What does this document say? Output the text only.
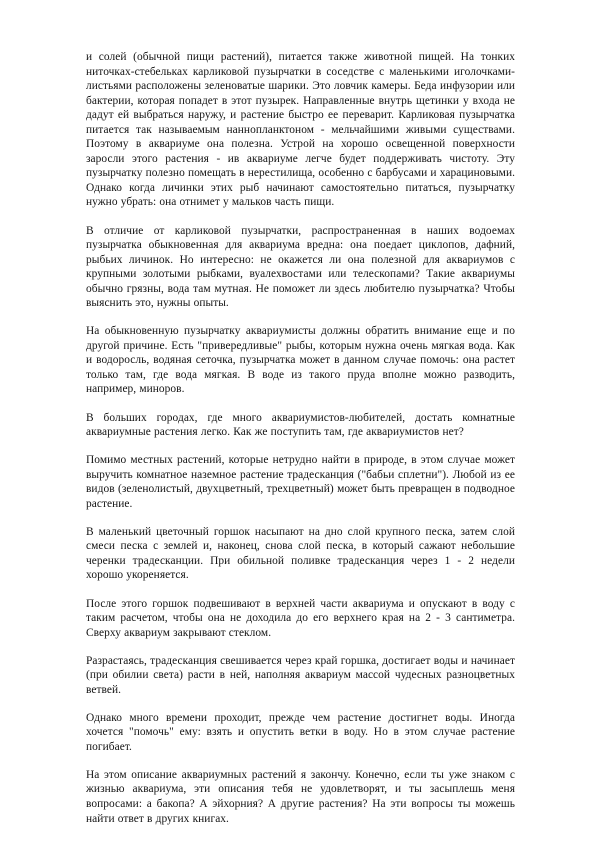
и солей (обычной пищи растений), питается также животной пищей. На тонких ниточках-стебельках карликовой пузырчатки в соседстве с маленькими иголочками-листьями расположены зеленоватые шарики. Это ловчик камеры. Беда инфузории или бактерии, которая попадет в этот пузырек. Направленные внутрь щетинки у входа не дадут ей выбраться наружу, и растение быстро ее переварит. Карликовая пузырчатка питается так называемым наннопланктоном - мельчайшими живыми существами. Поэтому в аквариуме она полезна. Устрой на хорошо освещенной поверхности заросли этого растения - ив аквариуме легче будет поддерживать чистоту. Эту пузырчатку полезно помещать в нерестилища, особенно с барбусами и харациновыми. Однако когда личинки этих рыб начинают самостоятельно питаться, пузырчатку нужно убрать: она отнимет у мальков часть пищи.

В отличие от карликовой пузырчатки, распространенная в наших водоемах пузырчатка обыкновенная для аквариума вредна: она поедает циклопов, дафний, рыбьих личинок. Но интересно: не окажется ли она полезной для аквариумов с крупными золотыми рыбками, вуалехвостами или телескопами? Такие аквариумы обычно грязны, вода там мутная. Не поможет ли здесь любителю пузырчатка? Чтобы выяснить это, нужны опыты.

На обыкновенную пузырчатку аквариумисты должны обратить внимание еще и по другой причине. Есть "привередливые" рыбы, которым нужна очень мягкая вода. Как и водоросль, водяная сеточка, пузырчатка может в данном случае помочь: она растет только там, где вода мягкая. В воде из такого пруда вполне можно разводить, например, миноров.

В больших городах, где много аквариумистов-любителей, достать комнатные аквариумные растения легко. Как же поступить там, где аквариумистов нет?

Помимо местных растений, которые нетрудно найти в природе, в этом случае может выручить комнатное наземное растение традесканция ("бабьи сплетни"). Любой из ее видов (зеленолистый, двухцветный, трехцветный) может быть превращен в подводное растение.

В маленький цветочный горшок насыпают на дно слой крупного песка, затем слой смеси песка с землей и, наконец, снова слой песка, в который сажают небольшие черенки традесканции. При обильной поливке традесканция через 1 - 2 недели хорошо укореняется.

После этого горшок подвешивают в верхней части аквариума и опускают в воду с таким расчетом, чтобы она не доходила до его верхнего края на 2 - 3 сантиметра. Сверху аквариум закрывают стеклом.

Разрастаясь, традесканция свешивается через край горшка, достигает воды и начинает (при обилии света) расти в ней, наполняя аквариум массой чудесных разноцветных ветвей.

Однако много времени проходит, прежде чем растение достигнет воды. Иногда хочется "помочь" ему: взять и опустить ветки в воду. Но в этом случае растение погибает.

На этом описание аквариумных растений я закончу. Конечно, если ты уже знаком с жизнью аквариума, эти описания тебя не удовлетворят, и ты засыплешь меня вопросами: а бакопа? А эйхорния? А другие растения? На эти вопросы ты можешь найти ответ в других книгах.
